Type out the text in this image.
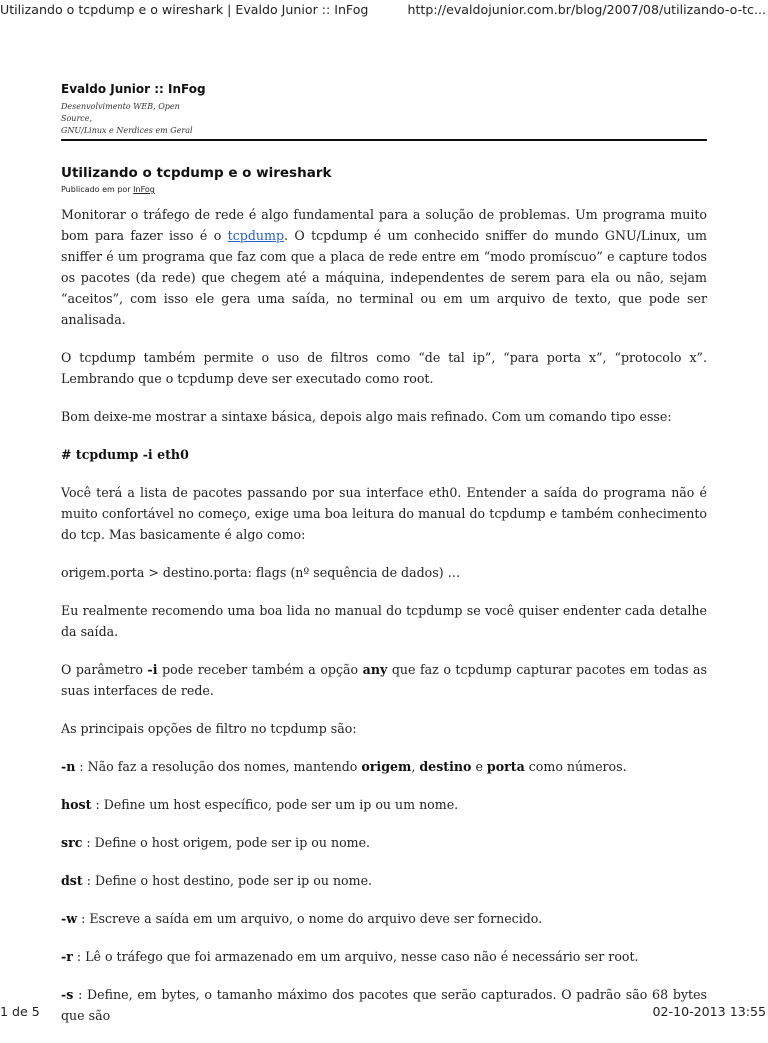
Utilizando o tcpdump e o wireshark | Evaldo Junior :: InFog	http://evaldojunior.com.br/blog/2007/08/utilizando-o-tc...
Evaldo Junior :: InFog
Desenvolvimento WEB, Open Source,
GNU/Linux e Nerdices em Geral
Utilizando o tcpdump e o wireshark
Publicado em por InFog

Monitorar o tráfego de rede é algo fundamental para a solução de problemas. Um programa muito bom para fazer isso é o tcpdump. O tcpdump é um conhecido sniffer do mundo GNU/Linux, um sniffer é um programa que faz com que a placa de rede entre em “modo promíscuo” e capture todos os pacotes (da rede) que chegem até a máquina, independentes de serem para ela ou não, sejam “aceitos”, com isso ele gera uma saída, no terminal ou em um arquivo de texto, que pode ser analisada.

O tcpdump também permite o uso de filtros como “de tal ip”, “para porta x”, “protocolo x”. Lembrando que o tcpdump deve ser executado como root.

Bom deixe-me mostrar a sintaxe básica, depois algo mais refinado. Com um comando tipo esse:

# tcpdump -i eth0

Você terá a lista de pacotes passando por sua interface eth0. Entender a saída do programa não é muito confortável no começo, exige uma boa leitura do manual do tcpdump e também conhecimento do tcp. Mas basicamente é algo como:

origem.porta > destino.porta: flags (nº sequência de dados) …

Eu realmente recomendo uma boa lida no manual do tcpdump se você quiser endenter cada detalhe da saída.

O parâmetro -i pode receber também a opção any que faz o tcpdump capturar pacotes em todas as suas interfaces de rede.

As principais opções de filtro no tcpdump são:

-n : Não faz a resolução dos nomes, mantendo origem, destino e porta como números.

host : Define um host específico, pode ser um ip ou um nome.

src : Define o host origem, pode ser ip ou nome.

dst : Define o host destino, pode ser ip ou nome.

-w : Escreve a saída em um arquivo, o nome do arquivo deve ser fornecido.

-r : Lê o tráfego que foi armazenado em um arquivo, nesse caso não é necessário ser root.

-s : Define, em bytes, o tamanho máximo dos pacotes que serão capturados. O padrão são 68 bytes que são

1 de 5	02-10-2013 13:55
